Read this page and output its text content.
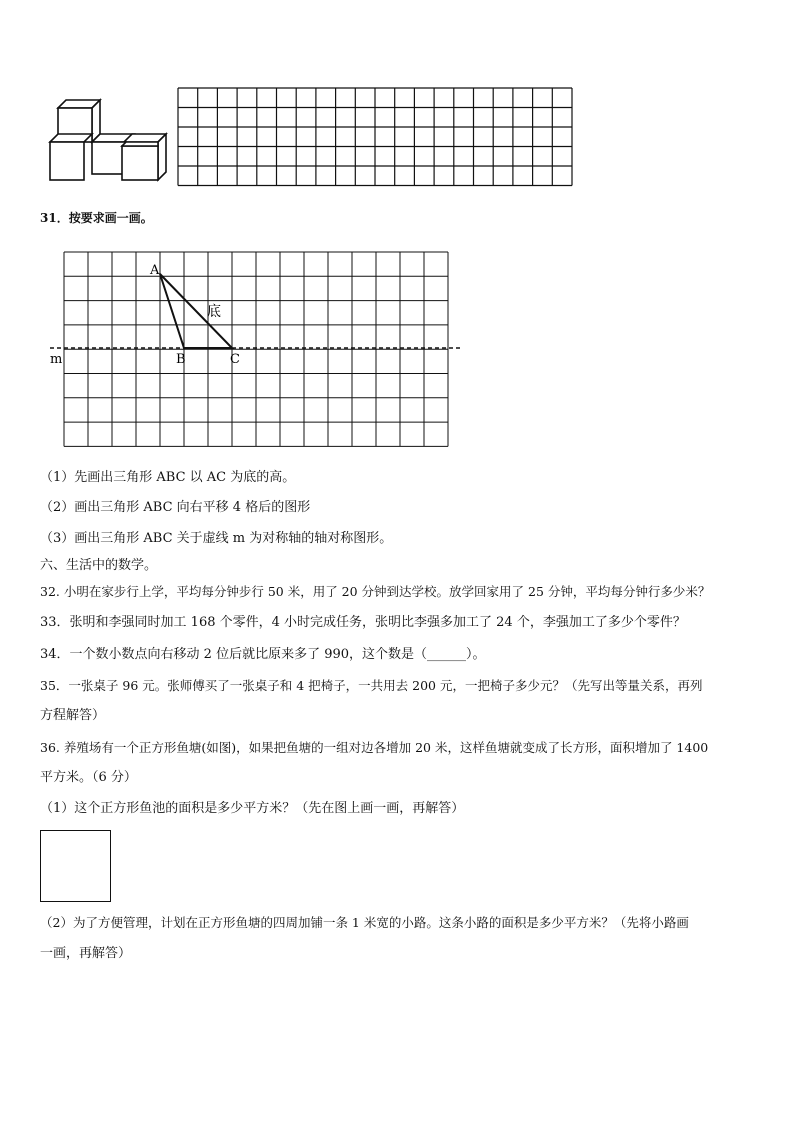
31．按要求画一画。
A
B	C
m
底
（1）先画出三角形 ABC 以 AC 为底的高。
（2）画出三角形 ABC 向右平移 4 格后的图形
（3）画出三角形 ABC 关于虚线 m 为对称轴的轴对称图形。
六、生活中的数学。
32. 小明在家步行上学，平均每分钟步行 50 米，用了 20 分钟到达学校。放学回家用了 25 分钟，平均每分钟行多少米？
33．张明和李强同时加工 168 个零件，4 小时完成任务，张明比李强多加工了 24 个，李强加工了多少个零件？
34．一个数小数点向右移动 2 位后就比原来多了 990，这个数是（______）。
35．一张桌子 96 元。张师傅买了一张桌子和 4 把椅子，一共用去 200 元，一把椅子多少元？（先写出等量关系，再列
方程解答）
36. 养殖场有一个正方形鱼塘(如图)，如果把鱼塘的一组对边各增加 20 米，这样鱼塘就变成了长方形，面积增加了 1400
平方米。（6 分）
（1）这个正方形鱼池的面积是多少平方米？（先在图上画一画，再解答）
（2）为了方便管理，计划在正方形鱼塘的四周加铺一条 1 米宽的小路。这条小路的面积是多少平方米？（先将小路画
一画，再解答）
